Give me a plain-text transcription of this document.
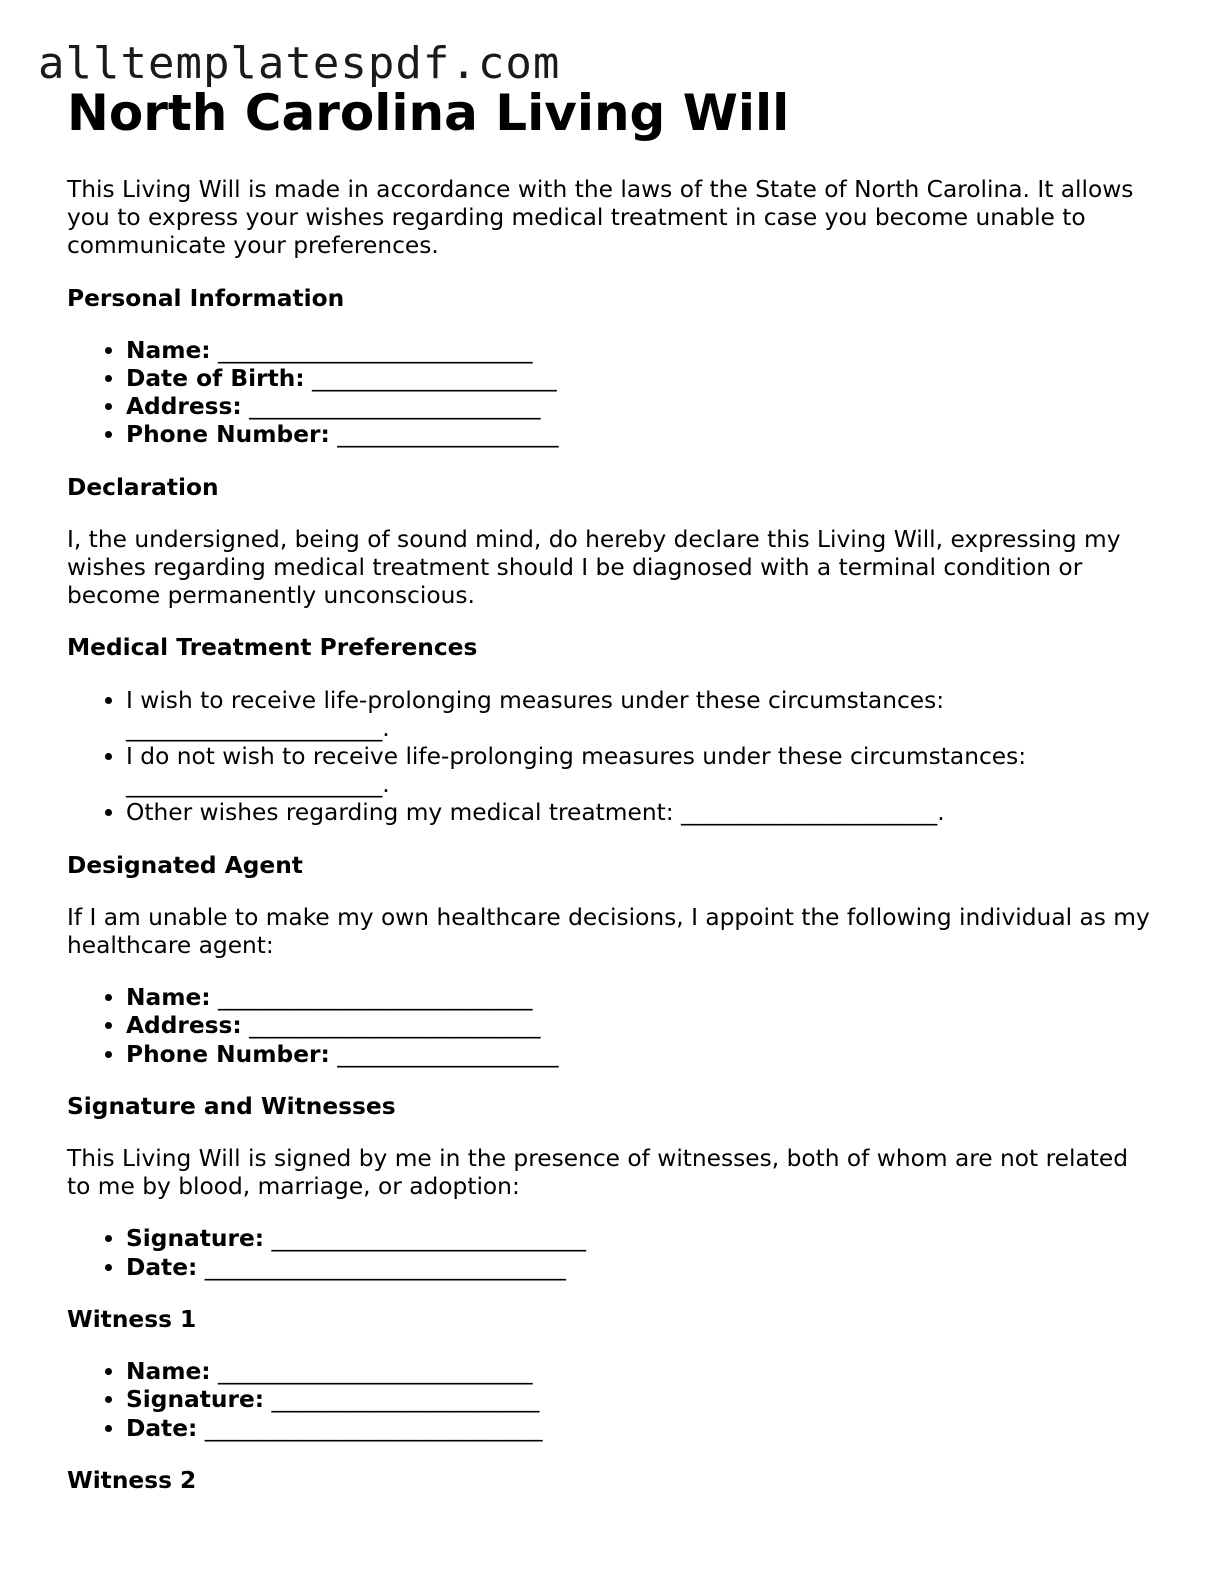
alltemplatespdf.com
North Carolina Living Will

This Living Will is made in accordance with the laws of the State of North Carolina. It allows you to express your wishes regarding medical treatment in case you become unable to communicate your preferences.

Personal Information
• Name: ___________________________
• Date of Birth: _____________________
• Address: _________________________
• Phone Number: ___________________
Declaration

I, the undersigned, being of sound mind, do hereby declare this Living Will, expressing my wishes regarding medical treatment should I be diagnosed with a terminal condition or become permanently unconscious.

Medical Treatment Preferences
• I wish to receive life-prolonging measures under these circumstances: ______________________.
• I do not wish to receive life-prolonging measures under these circumstances: ______________________.
• Other wishes regarding my medical treatment: ______________________.
Designated Agent

If I am unable to make my own healthcare decisions, I appoint the following individual as my healthcare agent:

• Name: ___________________________
• Address: _________________________
• Phone Number: ___________________
Signature and Witnesses

This Living Will is signed by me in the presence of witnesses, both of whom are not related to me by blood, marriage, or adoption:

• Signature: ___________________________
• Date: _______________________________
Witness 1
• Name: ___________________________
• Signature: _______________________
• Date: _____________________________
Witness 2
